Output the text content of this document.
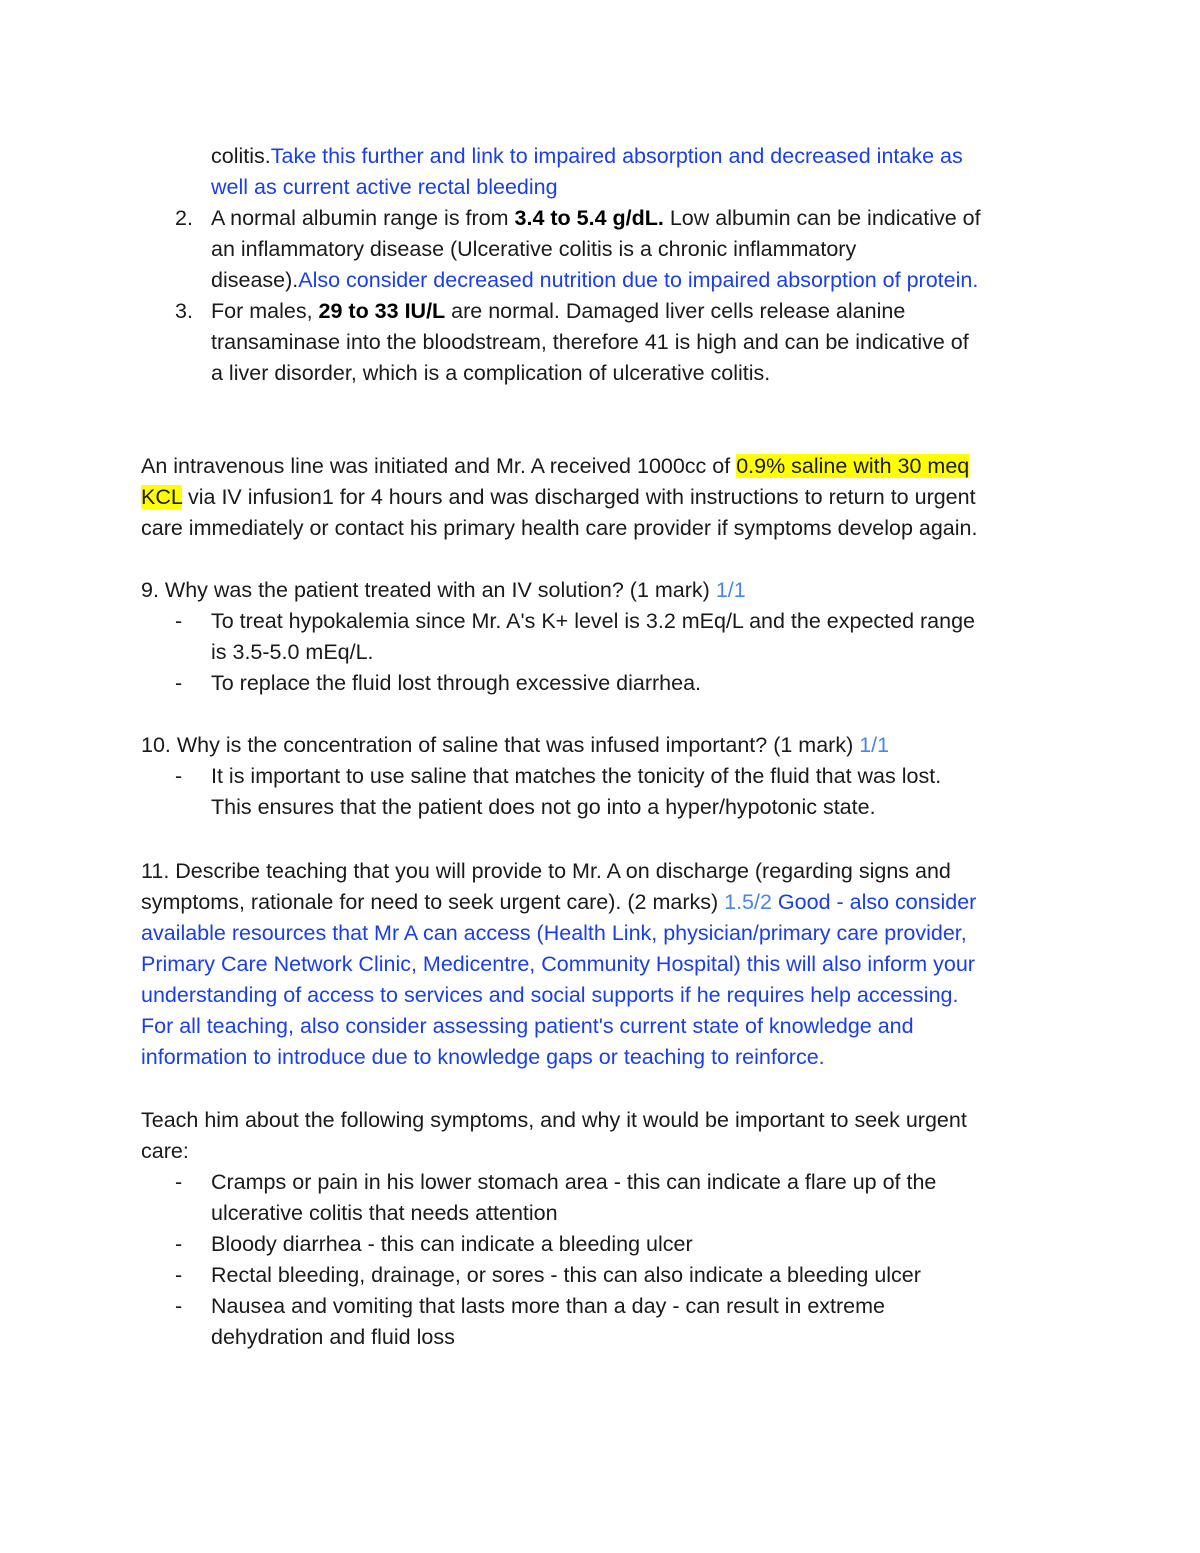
colitis.Take this further and link to impaired absorption and decreased intake as
well as current active rectal bleeding
2. A normal albumin range is from 3.4 to 5.4 g/dL. Low albumin can be indicative of
an inflammatory disease (Ulcerative colitis is a chronic inflammatory
disease).Also consider decreased nutrition due to impaired absorption of protein.
3. For males, 29 to 33 IU/L are normal. Damaged liver cells release alanine
transaminase into the bloodstream, therefore 41 is high and can be indicative of
a liver disorder, which is a complication of ulcerative colitis.
An intravenous line was initiated and Mr. A received 1000cc of 0.9% saline with 30 meq
KCL via IV infusion1 for 4 hours and was discharged with instructions to return to urgent
care immediately or contact his primary health care provider if symptoms develop again.
9. Why was the patient treated with an IV solution? (1 mark) 1/1
- To treat hypokalemia since Mr. A's K+ level is 3.2 mEq/L and the expected range
is 3.5-5.0 mEq/L.
- To replace the fluid lost through excessive diarrhea.
10. Why is the concentration of saline that was infused important? (1 mark) 1/1
- It is important to use saline that matches the tonicity of the fluid that was lost.
This ensures that the patient does not go into a hyper/hypotonic state.
11. Describe teaching that you will provide to Mr. A on discharge (regarding signs and
symptoms, rationale for need to seek urgent care). (2 marks) 1.5/2 Good - also consider
available resources that Mr A can access (Health Link, physician/primary care provider,
Primary Care Network Clinic, Medicentre, Community Hospital) this will also inform your
understanding of access to services and social supports if he requires help accessing.
For all teaching, also consider assessing patient's current state of knowledge and
information to introduce due to knowledge gaps or teaching to reinforce.
Teach him about the following symptoms, and why it would be important to seek urgent
care:
- Cramps or pain in his lower stomach area - this can indicate a flare up of the
ulcerative colitis that needs attention
- Bloody diarrhea - this can indicate a bleeding ulcer
- Rectal bleeding, drainage, or sores - this can also indicate a bleeding ulcer
- Nausea and vomiting that lasts more than a day - can result in extreme
dehydration and fluid loss
